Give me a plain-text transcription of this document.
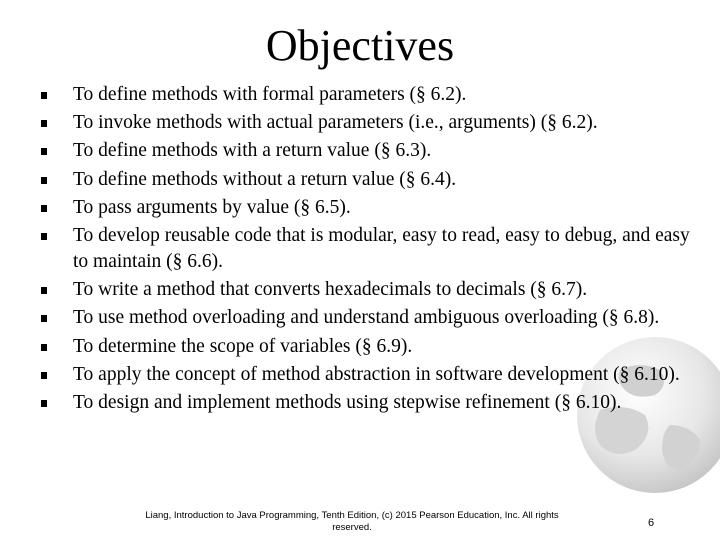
Objectives
To define methods with formal parameters (§ 6.2).
To invoke methods with actual parameters (i.e., arguments) (§ 6.2).
To define methods with a return value (§ 6.3).
To define methods without a return value (§ 6.4).
To pass arguments by value (§ 6.5).
To develop reusable code that is modular, easy to read, easy to debug, and easy to maintain (§ 6.6).
To write a method that converts hexadecimals to decimals (§ 6.7).
To use method overloading and understand ambiguous overloading (§ 6.8).
To determine the scope of variables (§ 6.9).
To apply the concept of method abstraction in software development (§ 6.10).
To design and implement methods using stepwise refinement (§ 6.10).
Liang, Introduction to Java Programming, Tenth Edition, (c) 2015 Pearson Education, Inc. All rights reserved.	6
